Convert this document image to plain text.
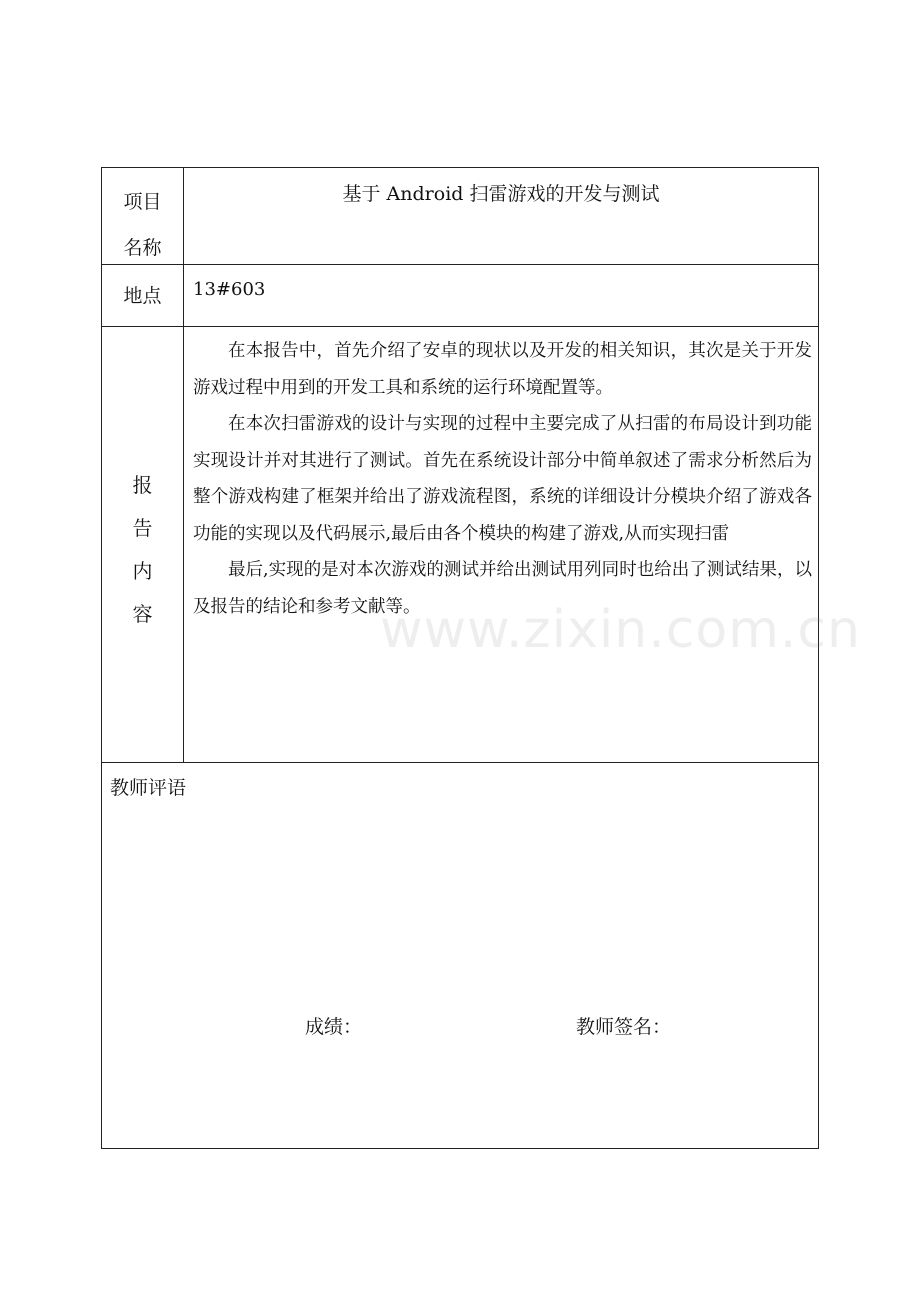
项目
名称
基于 Android 扫雷游戏的开发与测试
地点	13#603
报
告
内
容

在本报告中，首先介绍了安卓的现状以及开发的相关知识，其次是关于开发游戏过程中用到的开发工具和系统的运行环境配置等。

在本次扫雷游戏的设计与实现的过程中主要完成了从扫雷的布局设计到功能实现设计并对其进行了测试。首先在系统设计部分中简单叙述了需求分析然后为整个游戏构建了框架并给出了游戏流程图，系统的详细设计分模块介绍了游戏各功能的实现以及代码展示,最后由各个模块的构建了游戏,从而实现扫雷

最后,实现的是对本次游戏的测试并给出测试用列同时也给出了测试结果，以及报告的结论和参考文献等。

教师评语
成绩：	教师签名：
www.zixin.com.cn
